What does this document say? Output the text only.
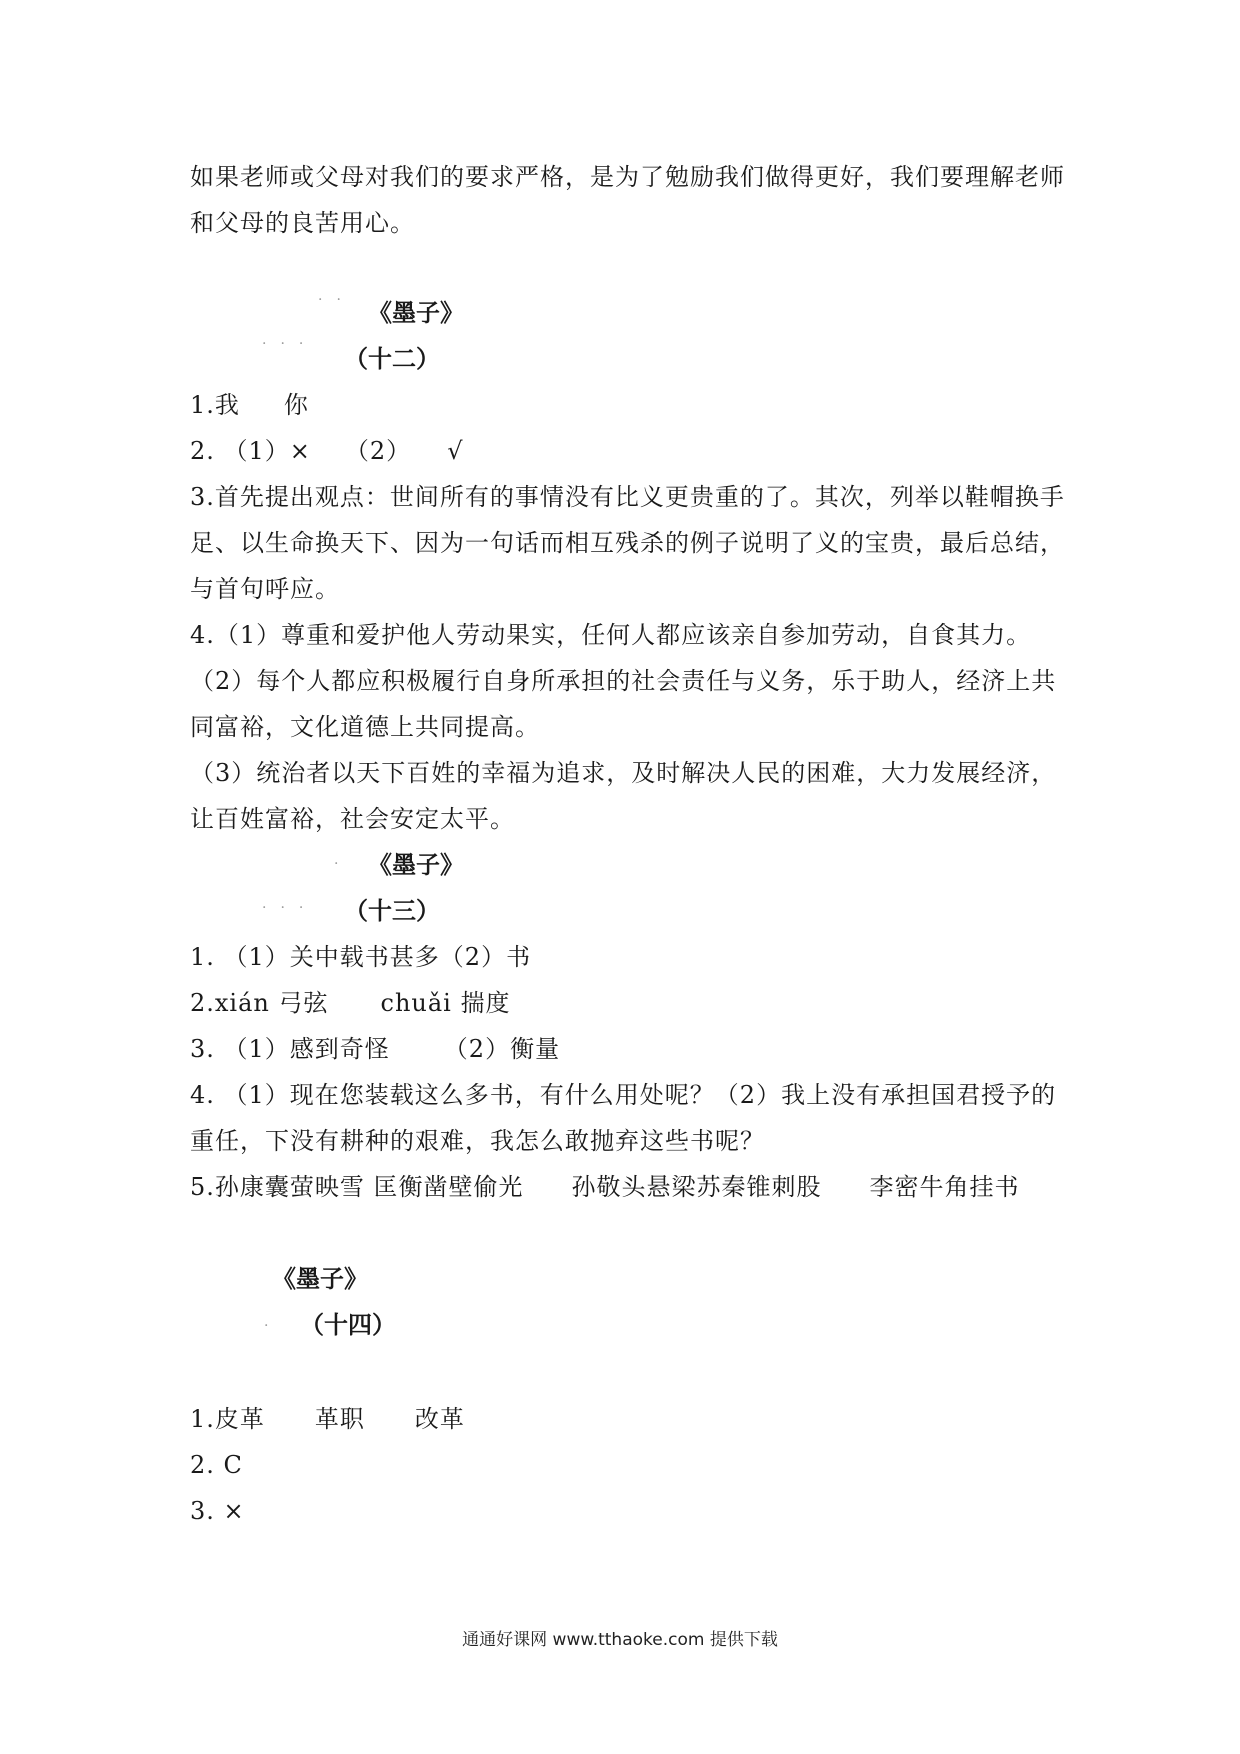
如果老师或父母对我们的要求严格，是为了勉励我们做得更好，我们要理解老师
和父母的良苦用心。
·· 《墨子》
··· （十二）
1.我 你
2. （1）× （2） √
3.首先提出观点：世间所有的事情没有比义更贵重的了。其次，列举以鞋帽换手
足、以生命换天下、因为一句话而相互残杀的例子说明了义的宝贵，最后总结，
与首句呼应。
4.（1）尊重和爱护他人劳动果实，任何人都应该亲自参加劳动，自食其力。
（2）每个人都应积极履行自身所承担的社会责任与义务，乐于助人，经济上共
同富裕，文化道德上共同提高。
（3）统治者以天下百姓的幸福为追求，及时解决人民的困难，大力发展经济，
让百姓富裕，社会安定太平。
· 《墨子》
··· （十三）
1. （1）关中载书甚多（2）书
2.xián 弓弦 chuǎi 揣度
3. （1）感到奇怪 （2）衡量
4. （1）现在您装载这么多书，有什么用处呢？（2）我上没有承担国君授予的
重任，下没有耕种的艰难，我怎么敢抛弃这些书呢？
5.孙康囊萤映雪 匡衡凿壁偷光 孙敬头悬梁苏秦锥刺股 李密牛角挂书
《墨子》
· （十四）
1.皮革 革职 改革
2. C
3. ×
通通好课网 www.tthaoke.com 提供下载
